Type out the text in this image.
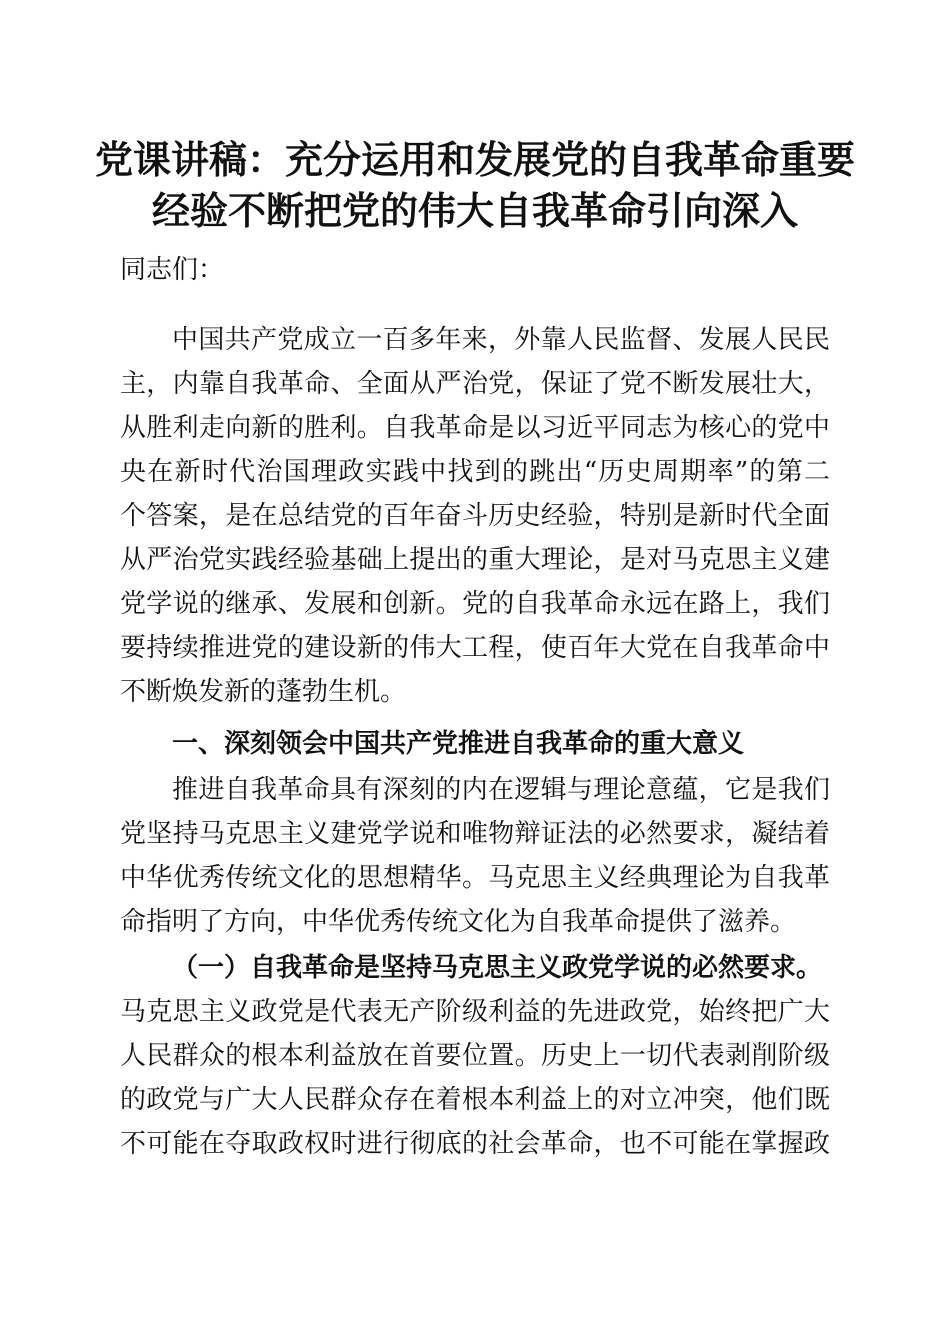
党课讲稿：充分运用和发展党的自我革命重要
经验不断把党的伟大自我革命引向深入

同志们：

中国共产党成立一百多年来，外靠人民监督、发展人民民

主，内靠自我革命、全面从严治党，保证了党不断发展壮大，

从胜利走向新的胜利。自我革命是以习近平同志为核心的党中

央在新时代治国理政实践中找到的跳出“历史周期率”的第二

个答案，是在总结党的百年奋斗历史经验，特别是新时代全面

从严治党实践经验基础上提出的重大理论，是对马克思主义建

党学说的继承、发展和创新。党的自我革命永远在路上，我们

要持续推进党的建设新的伟大工程，使百年大党在自我革命中

不断焕发新的蓬勃生机。

一、深刻领会中国共产党推进自我革命的重大意义

推进自我革命具有深刻的内在逻辑与理论意蕴，它是我们

党坚持马克思主义建党学说和唯物辩证法的必然要求，凝结着

中华优秀传统文化的思想精华。马克思主义经典理论为自我革

命指明了方向，中华优秀传统文化为自我革命提供了滋养。

（一）自我革命是坚持马克思主义政党学说的必然要求。

马克思主义政党是代表无产阶级利益的先进政党，始终把广大

人民群众的根本利益放在首要位置。历史上一切代表剥削阶级

的政党与广大人民群众存在着根本利益上的对立冲突，他们既

不可能在夺取政权时进行彻底的社会革命，也不可能在掌握政
